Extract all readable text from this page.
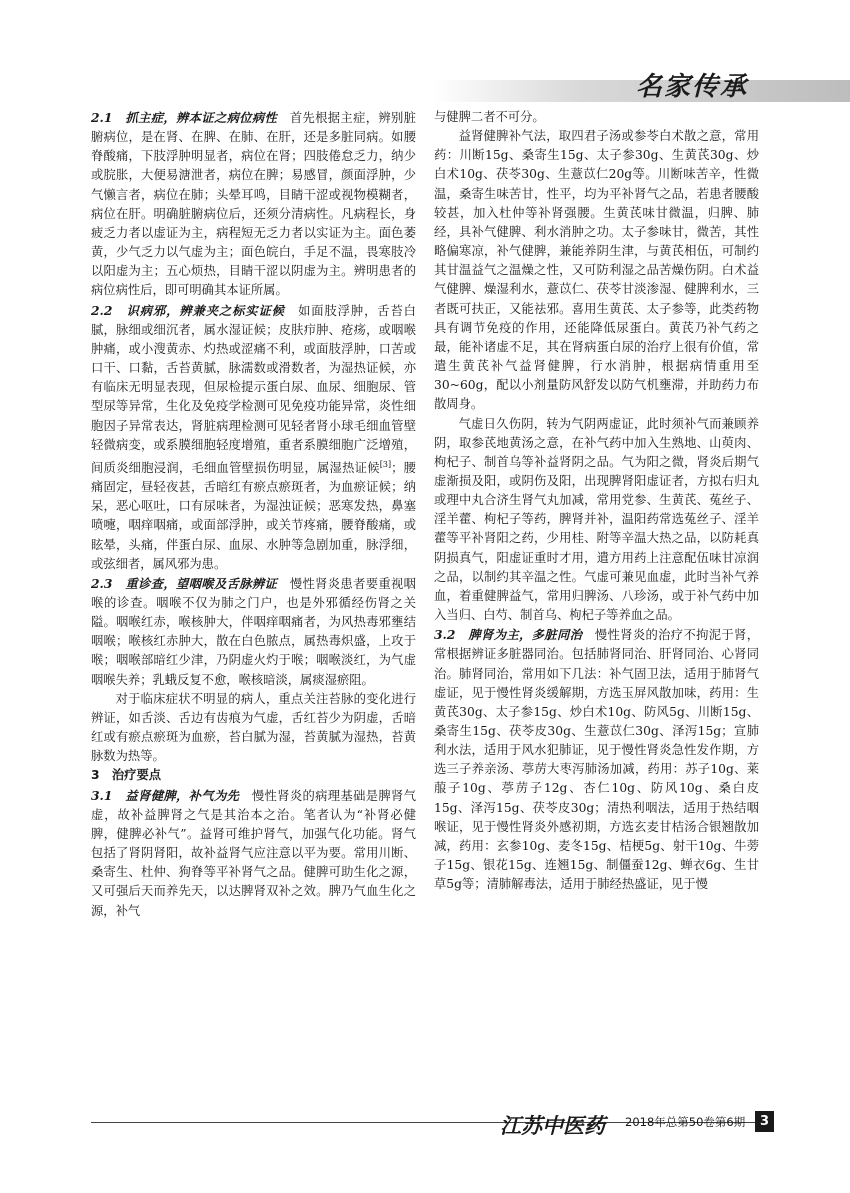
名家传承

2.1　抓主症，辨本证之病位病性　首先根据主症，辨别脏腑病位，是在肾、在脾、在肺、在肝，还是多脏同病。如腰脊酸痛，下肢浮肿明显者，病位在肾；四肢倦怠乏力，纳少或脘胀，大便易溏泄者，病位在脾；易感冒，颜面浮肿，少气懒言者，病位在肺；头晕耳鸣，目睛干涩或视物模糊者，病位在肝。明确脏腑病位后，还须分清病性。凡病程长，身疲乏力者以虚证为主，病程短无乏力者以实证为主。面色萎黄，少气乏力以气虚为主；面色皖白，手足不温，畏寒肢冷以阳虚为主；五心烦热，目睛干涩以阴虚为主。辨明患者的病位病性后，即可明确其本证所属。

2.2　识病邪，辨兼夹之标实证候　如面肢浮肿，舌苔白腻，脉细或细沉者，属水湿证候；皮肤疖肿、疮疡，或咽喉肿痛，或小溲黄赤、灼热或涩痛不利，或面肢浮肿，口苦或口干、口黏，舌苔黄腻，脉濡数或滑数者，为湿热证候，亦有临床无明显表现，但尿检提示蛋白尿、血尿、细胞尿、管型尿等异常，生化及免疫学检测可见免疫功能异常，炎性细胞因子异常表达，肾脏病理检测可见轻者肾小球毛细血管壁轻微病变，或系膜细胞轻度增殖，重者系膜细胞广泛增殖，间质炎细胞浸润，毛细血管壁损伤明显，属湿热证候[3]；腰痛固定，昼轻夜甚，舌暗红有瘀点瘀斑者，为血瘀证候；纳呆，恶心呕吐，口有尿味者，为湿浊证候；恶寒发热，鼻塞喷嚏，咽痒咽痛，或面部浮肿，或关节疼痛，腰脊酸痛，或眩晕，头痛，伴蛋白尿、血尿、水肿等急剧加重，脉浮细，或弦细者，属风邪为患。

2.3　重诊查，望咽喉及舌脉辨证　慢性肾炎患者要重视咽喉的诊查。咽喉不仅为肺之门户，也是外邪循经伤肾之关隘。咽喉红赤，喉核肿大，伴咽痒咽痛者，为风热毒邪壅结咽喉；喉核红赤肿大，散在白色脓点，属热毒炽盛，上攻于喉；咽喉部暗红少津，乃阴虚火灼于喉；咽喉淡红，为气虚咽喉失养；乳蛾反复不愈，喉核暗淡，属痰湿瘀阻。

对于临床症状不明显的病人，重点关注苔脉的变化进行辨证，如舌淡、舌边有齿痕为气虚，舌红苔少为阴虚，舌暗红或有瘀点瘀斑为血瘀，苔白腻为湿，苔黄腻为湿热，苔黄脉数为热等。

3　治疗要点

3.1　益肾健脾，补气为先　慢性肾炎的病理基础是脾肾气虚，故补益脾肾之气是其治本之治。笔者认为“补肾必健脾，健脾必补气”。益肾可维护肾气，加强气化功能。肾气包括了肾阴肾阳，故补益肾气应注意以平为要。常用川断、桑寄生、杜仲、狗脊等平补肾气之品。健脾可助生化之源，又可强后天而养先天，以达脾肾双补之效。脾乃气血生化之源，补气

与健脾二者不可分。

益肾健脾补气法，取四君子汤或参苓白术散之意，常用药：川断15g、桑寄生15g、太子参30g、生黄芪30g、炒白术10g、茯苓30g、生薏苡仁20g等。川断味苦辛，性微温，桑寄生味苦甘，性平，均为平补肾气之品，若患者腰酸较甚，加入杜仲等补肾强腰。生黄芪味甘微温，归脾、肺经，具补气健脾、利水消肿之功。太子参味甘，微苦，其性略偏寒凉，补气健脾，兼能养阴生津，与黄芪相伍，可制约其甘温益气之温燥之性，又可防利湿之品苦燥伤阴。白术益气健脾、燥湿利水，薏苡仁、茯苓甘淡渗湿、健脾利水，三者既可扶正，又能祛邪。喜用生黄芪、太子参等，此类药物具有调节免疫的作用，还能降低尿蛋白。黄芪乃补气药之最，能补诸虚不足，其在肾病蛋白尿的治疗上很有价值，常遣生黄芪补气益肾健脾，行水消肿，根据病情重用至30~60g，配以小剂量防风舒发以防气机壅滞，并助药力布散周身。

气虚日久伤阴，转为气阴两虚证，此时须补气而兼顾养阴，取参芪地黄汤之意，在补气药中加入生熟地、山萸肉、枸杞子、制首乌等补益肾阴之品。气为阳之微，肾炎后期气虚渐损及阳，或阴伤及阳，出现脾肾阳虚证者，方拟右归丸或理中丸合济生肾气丸加减，常用党参、生黄芪、菟丝子、淫羊藿、枸杞子等药，脾肾并补，温阳药常选菟丝子、淫羊藿等平补肾阳之药，少用桂、附等辛温大热之品，以防耗真阴损真气，阳虚证重时才用，遣方用药上注意配伍味甘凉润之品，以制约其辛温之性。气虚可兼见血虚，此时当补气养血，着重健脾益气，常用归脾汤、八珍汤，或于补气药中加入当归、白芍、制首乌、枸杞子等养血之品。

3.2　脾肾为主，多脏同治　慢性肾炎的治疗不拘泥于肾，常根据辨证多脏器同治。包括肺肾同治、肝肾同治、心肾同治。肺肾同治，常用如下几法：补气固卫法，适用于肺肾气虚证，见于慢性肾炎缓解期，方选玉屏风散加味，药用：生黄芪30g、太子参15g、炒白术10g、防风5g、川断15g、桑寄生15g、茯苓皮30g、生薏苡仁30g、泽泻15g；宣肺利水法，适用于风水犯肺证，见于慢性肾炎急性发作期，方选三子养亲汤、葶苈大枣泻肺汤加减，药用：苏子10g、莱菔子10g、葶苈子12g、杏仁10g、防风10g、桑白皮15g、泽泻15g、茯苓皮30g；清热利咽法，适用于热结咽喉证，见于慢性肾炎外感初期，方选玄麦甘桔汤合银翘散加减，药用：玄参10g、麦冬15g、桔梗5g、射干10g、牛蒡子15g、银花15g、连翘15g、制僵蚕12g、蝉衣6g、生甘草5g等；清肺解毒法，适用于肺经热盛证，见于慢

江苏中医药 2018年总第50卷第6期	3
